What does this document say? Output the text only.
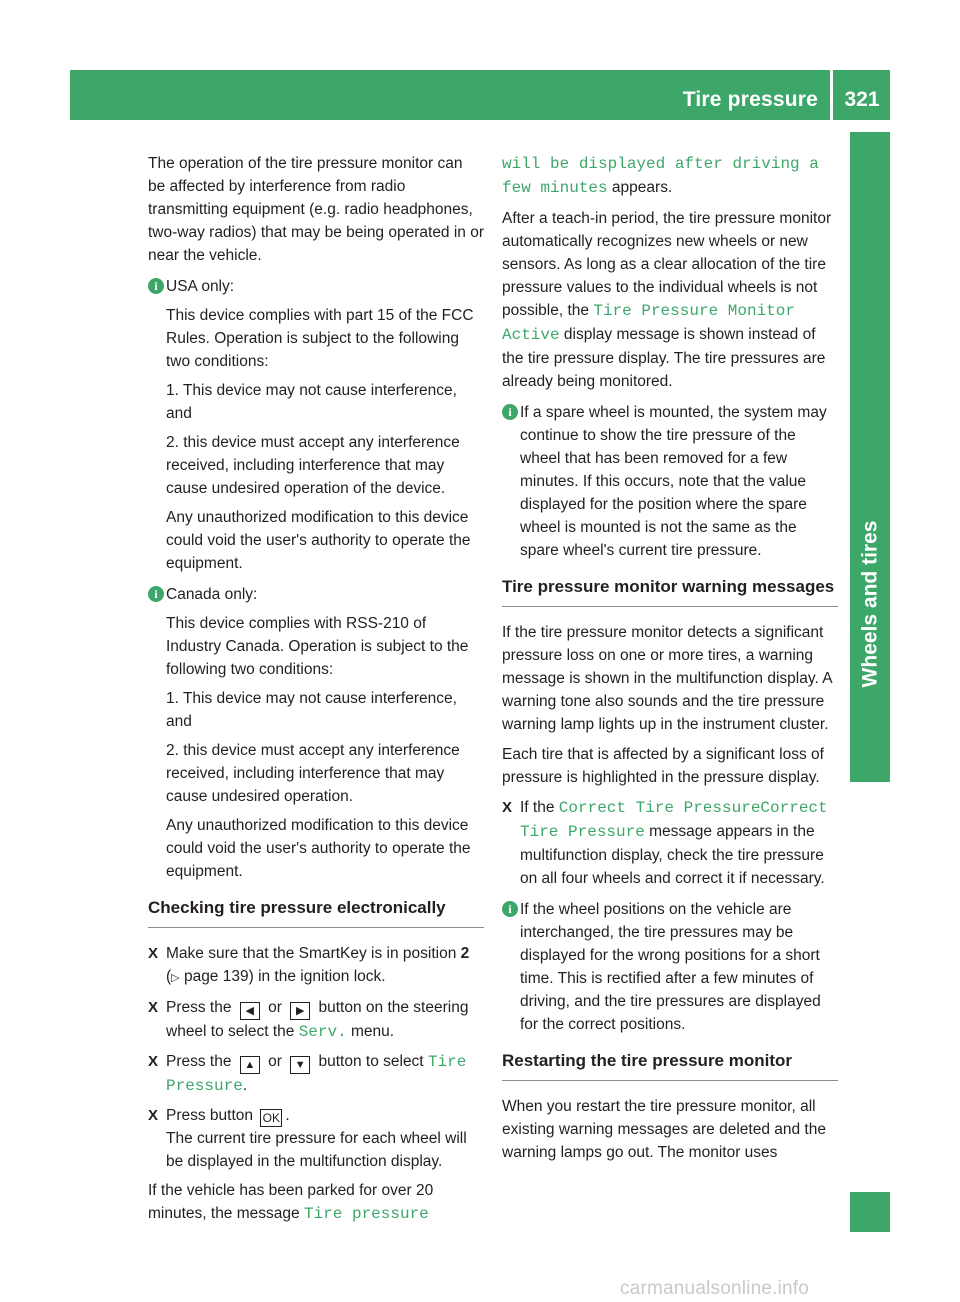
Tire pressure	321
Wheels and tires

The operation of the tire pressure monitor can be affected by interference from radio transmitting equipment (e.g. radio headphones, two-way radios) that may be being operated in or near the vehicle.

i USA only:

This device complies with part 15 of the FCC Rules. Operation is subject to the following two conditions:

1. This device may not cause interference, and

2. this device must accept any interference received, including interference that may cause undesired operation of the device.

Any unauthorized modification to this device could void the user's authority to operate the equipment.

i Canada only:

This device complies with RSS-210 of Industry Canada. Operation is subject to the following two conditions:

1. This device may not cause interference, and

2. this device must accept any interference received, including interference that may cause undesired operation.

Any unauthorized modification to this device could void the user's authority to operate the equipment.

Checking tire pressure electronically
X Make sure that the SmartKey is in position 2 (▷ page 139) in the ignition lock.
X Press the ◀ or ▶ button on the steering wheel to select the Serv. menu.
X Press the ▲ or ▼ button to select Tire Pressure.
X Press button OK .
The current tire pressure for each wheel will be displayed in the multifunction display.

If the vehicle has been parked for over 20 minutes, the message Tire pressure

will be displayed after driving a few minutes appears.

After a teach-in period, the tire pressure monitor automatically recognizes new wheels or new sensors. As long as a clear allocation of the tire pressure values to the individual wheels is not possible, the Tire Pressure Monitor Active display message is shown instead of the tire pressure display. The tire pressures are already being monitored.

i If a spare wheel is mounted, the system may continue to show the tire pressure of the wheel that has been removed for a few minutes. If this occurs, note that the value displayed for the position where the spare wheel is mounted is not the same as the spare wheel's current tire pressure.

Tire pressure monitor warning messages

If the tire pressure monitor detects a significant pressure loss on one or more tires, a warning message is shown in the multifunction display. A warning tone also sounds and the tire pressure warning lamp lights up in the instrument cluster.

Each tire that is affected by a significant loss of pressure is highlighted in the pressure display.

X If the Correct Tire PressureCorrect Tire Pressure message appears in the multifunction display, check the tire pressure on all four wheels and correct it if necessary.
i If the wheel positions on the vehicle are interchanged, the tire pressures may be displayed for the wrong positions for a short time. This is rectified after a few minutes of driving, and the tire pressures are displayed for the correct positions.

Restarting the tire pressure monitor

When you restart the tire pressure monitor, all existing warning messages are deleted and the warning lamps go out. The monitor uses

carmanualsonline.info
